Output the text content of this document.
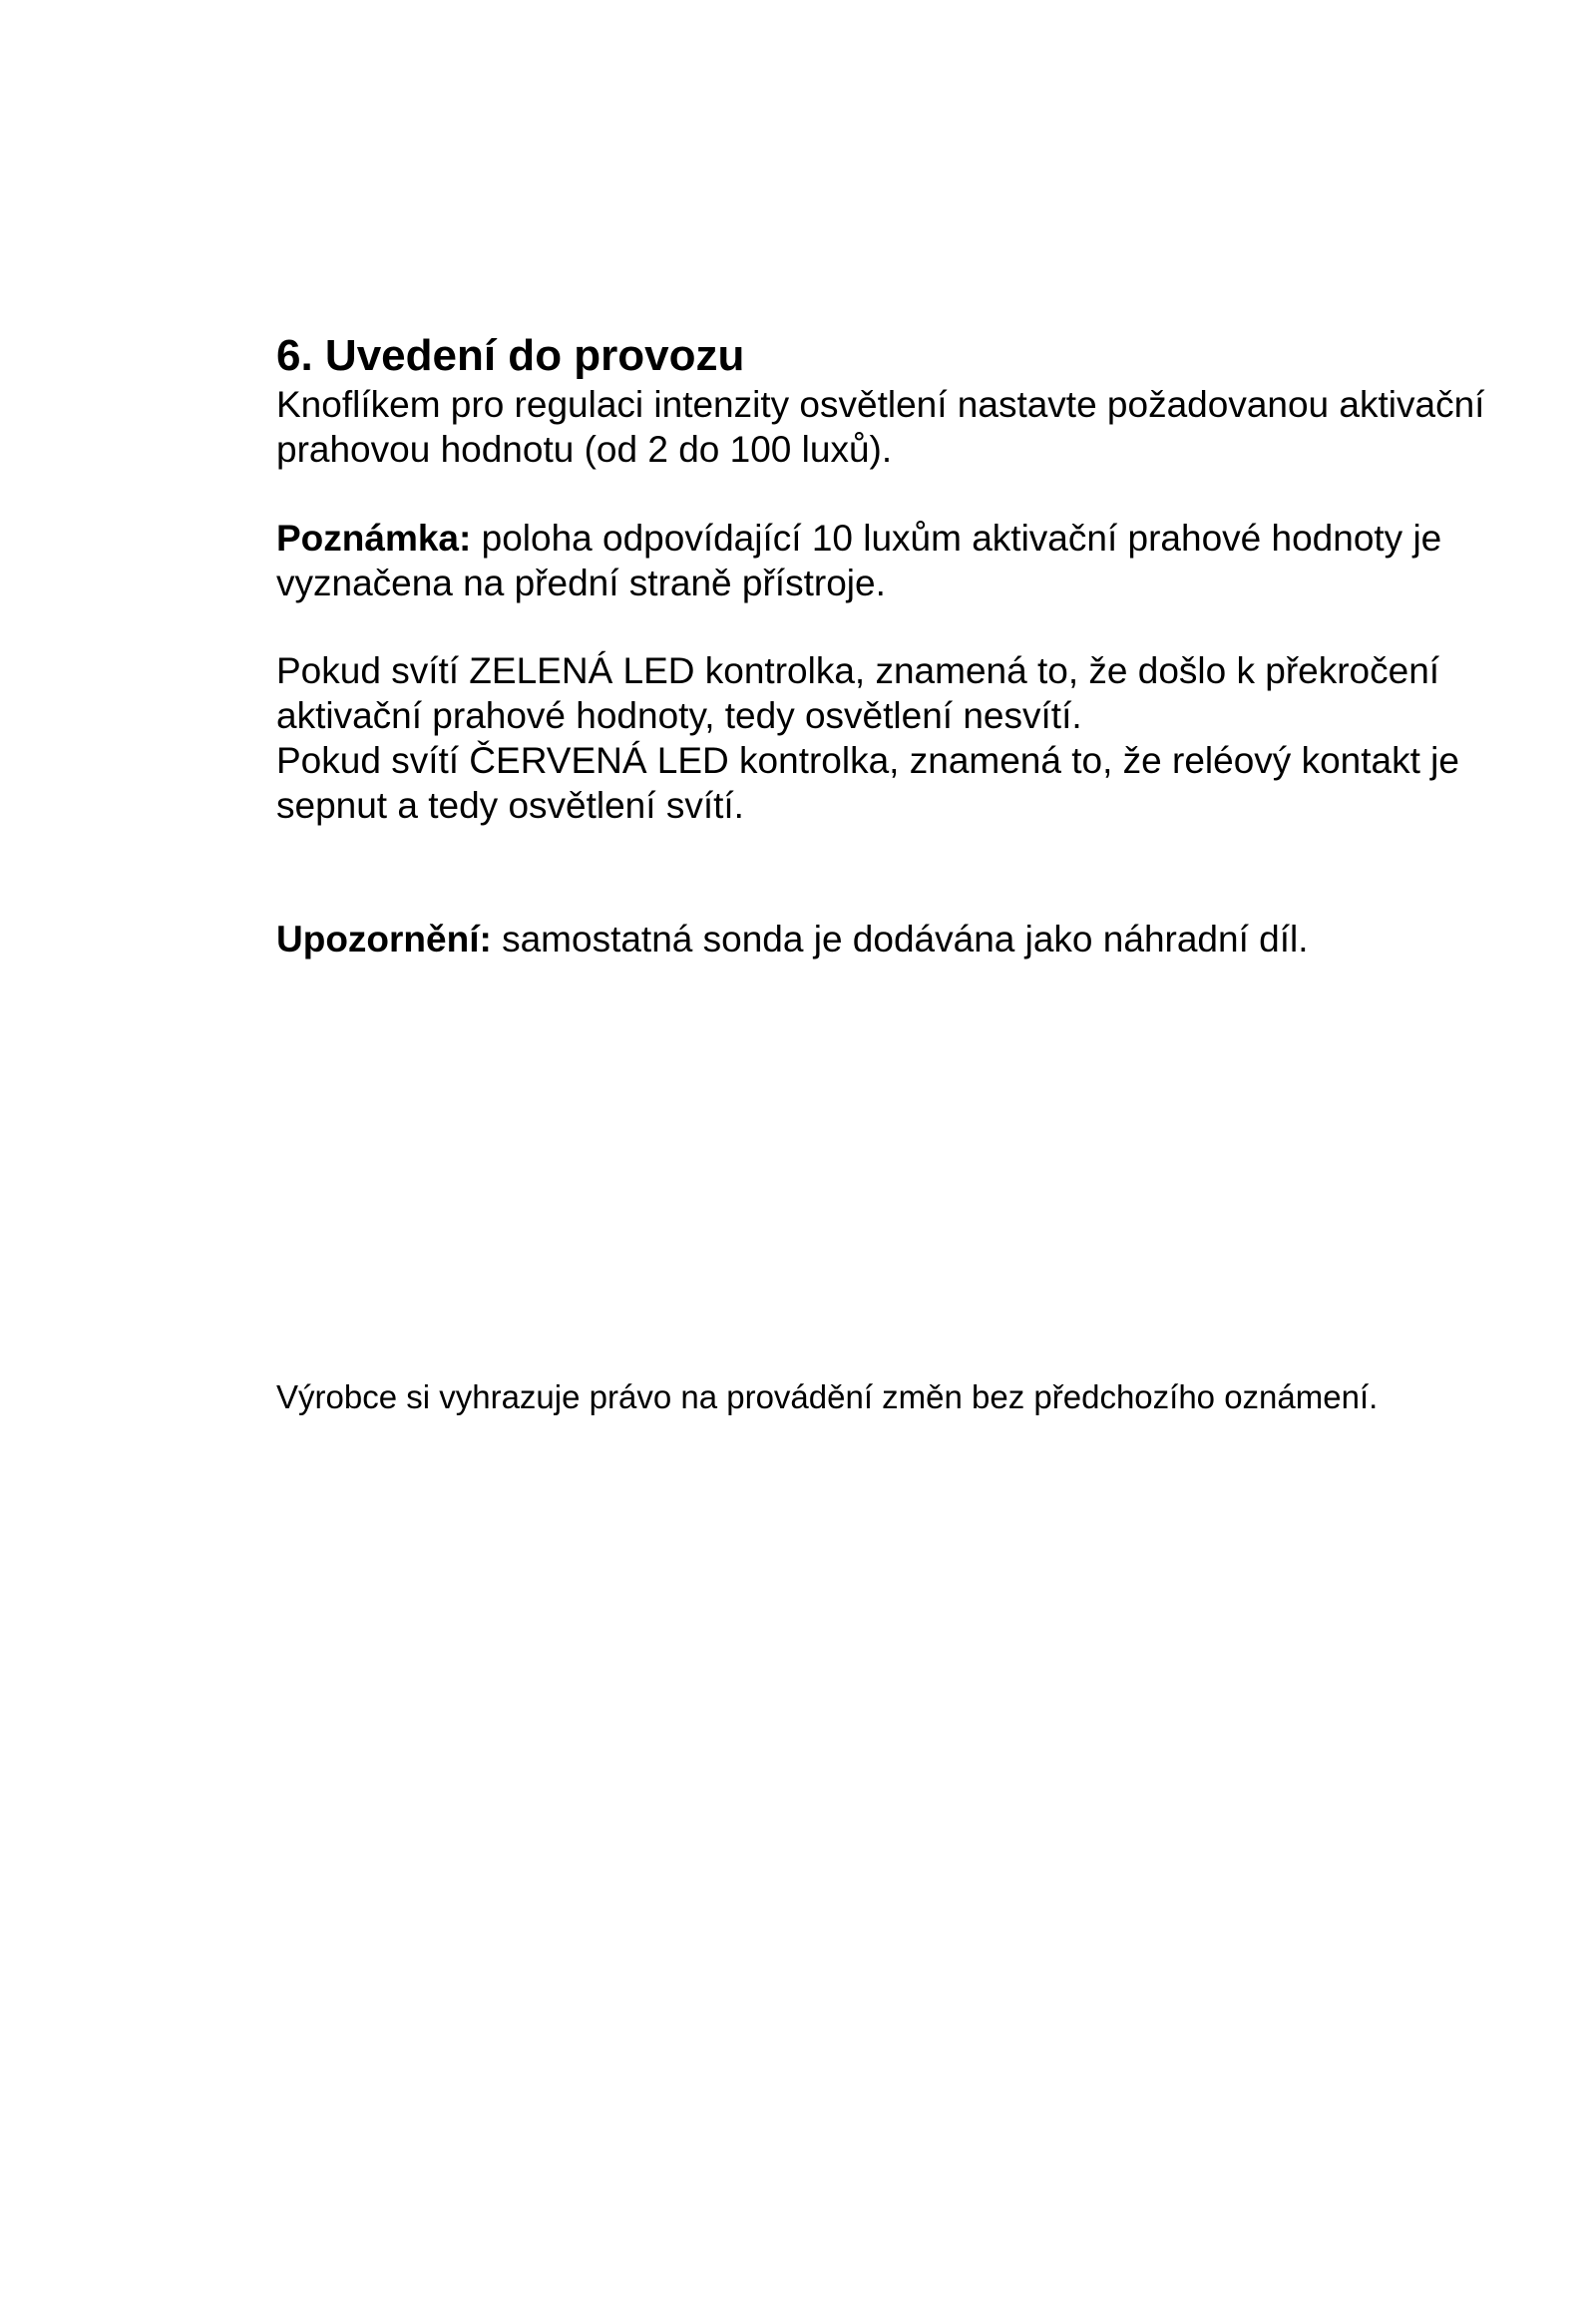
6. Uvedení do provozu

Knoflíkem pro regulaci intenzity osvětlení nastavte požadovanou aktivační
prahovou hodnotu (od 2 do 100 luxů).

Poznámka: poloha odpovídající 10 luxům aktivační prahové hodnoty je
vyznačena na přední straně přístroje.

Pokud svítí ZELENÁ LED kontrolka, znamená to, že došlo k překročení
aktivační prahové hodnoty, tedy osvětlení nesvítí.
Pokud svítí ČERVENÁ LED kontrolka, znamená to, že reléový kontakt je
sepnut a tedy osvětlení svítí.

Upozornění: samostatná sonda je dodávána jako náhradní díl.

Výrobce si vyhrazuje právo na provádění změn bez předchozího oznámení.
